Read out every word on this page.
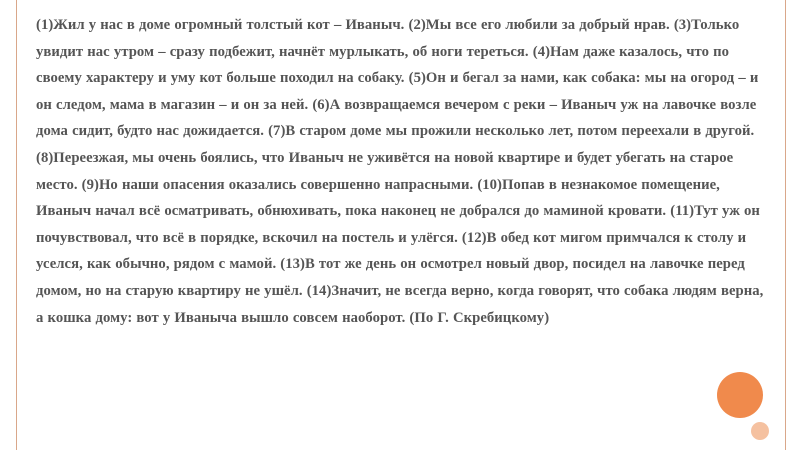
(1)Жил у нас в доме огромный толстый кот – Иваныч. (2)Мы все его любили за добрый нрав. (3)Только увидит нас утром – сразу подбежит, начнёт мурлыкать, об ноги тереться. (4)Нам даже казалось, что по своему характеру и уму кот больше походил на собаку. (5)Он и бегал за нами, как собака: мы на огород – и он следом, мама в магазин – и он за ней. (6)А возвращаемся вечером с реки – Иваныч уж на лавочке возле дома сидит, будто нас дожидается. (7)В старом доме мы прожили несколько лет, потом переехали в другой. (8)Переезжая, мы очень боялись, что Иваныч не уживётся на новой квартире и будет убегать на старое место. (9)Но наши опасения оказались совершенно напрасными. (10)Попав в незнакомое помещение, Иваныч начал всё осматривать, обнюхивать, пока наконец не добрался до маминой кровати. (11)Тут уж он почувствовал, что всё в порядке, вскочил на постель и улёгся. (12)В обед кот мигом примчался к столу и уселся, как обычно, рядом с мамой. (13)В тот же день он осмотрел новый двор, посидел на лавочке перед домом, но на старую квартиру не ушёл. (14)Значит, не всегда верно, когда говорят, что собака людям верна, а кошка дому: вот у Иваныча вышло совсем наоборот. (По Г. Скребицкому)
